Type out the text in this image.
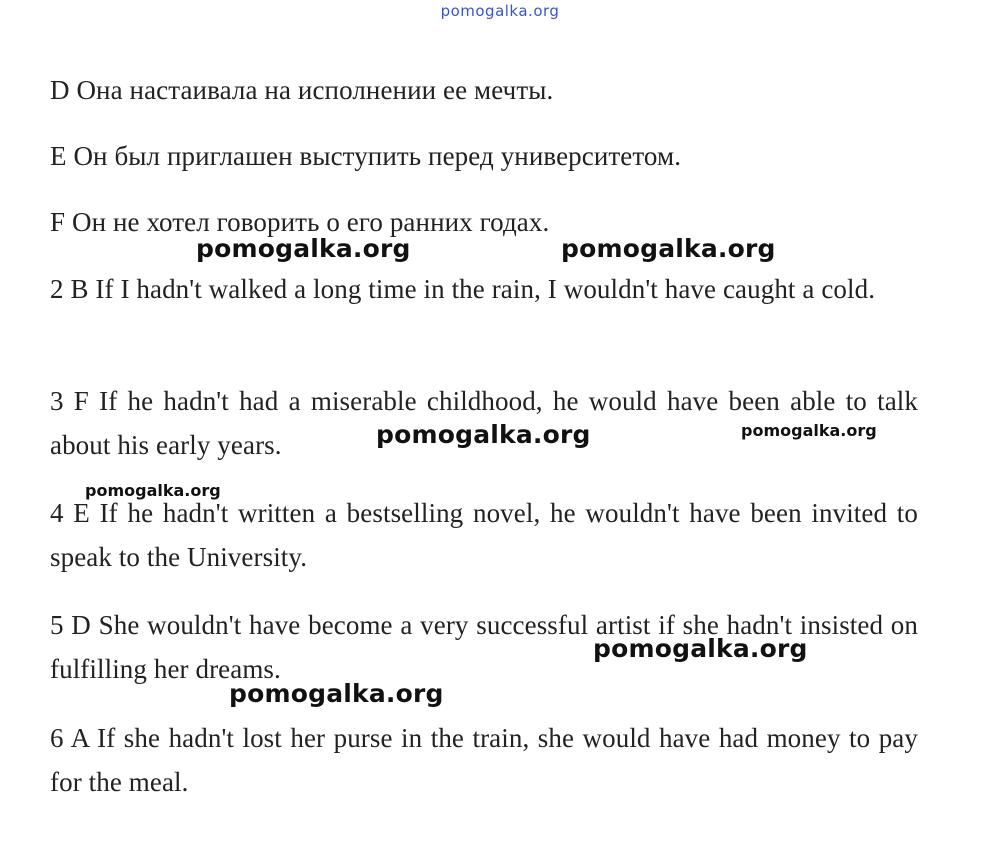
pomogalka.org
D Она настаивала на исполнении ее мечты.
E Он был приглашен выступить перед университетом.
F Он не хотел говорить о его ранних годах.
2 B If I hadn't walked a long time in the rain, I wouldn't have caught a cold.
3 F If he hadn't had a miserable childhood, he would have been able to talk about his early years.
4 E If he hadn't written a bestselling novel, he wouldn't have been invited to speak to the University.
5 D She wouldn't have become a very successful artist if she hadn't insisted on fulfilling her dreams.
6 A If she hadn't lost her purse in the train, she would have had money to pay for the meal.
pomogalka.org	pomogalka.org
pomogalka.org	pomogalka.org
pomogalka.org
pomogalka.org
pomogalka.org
